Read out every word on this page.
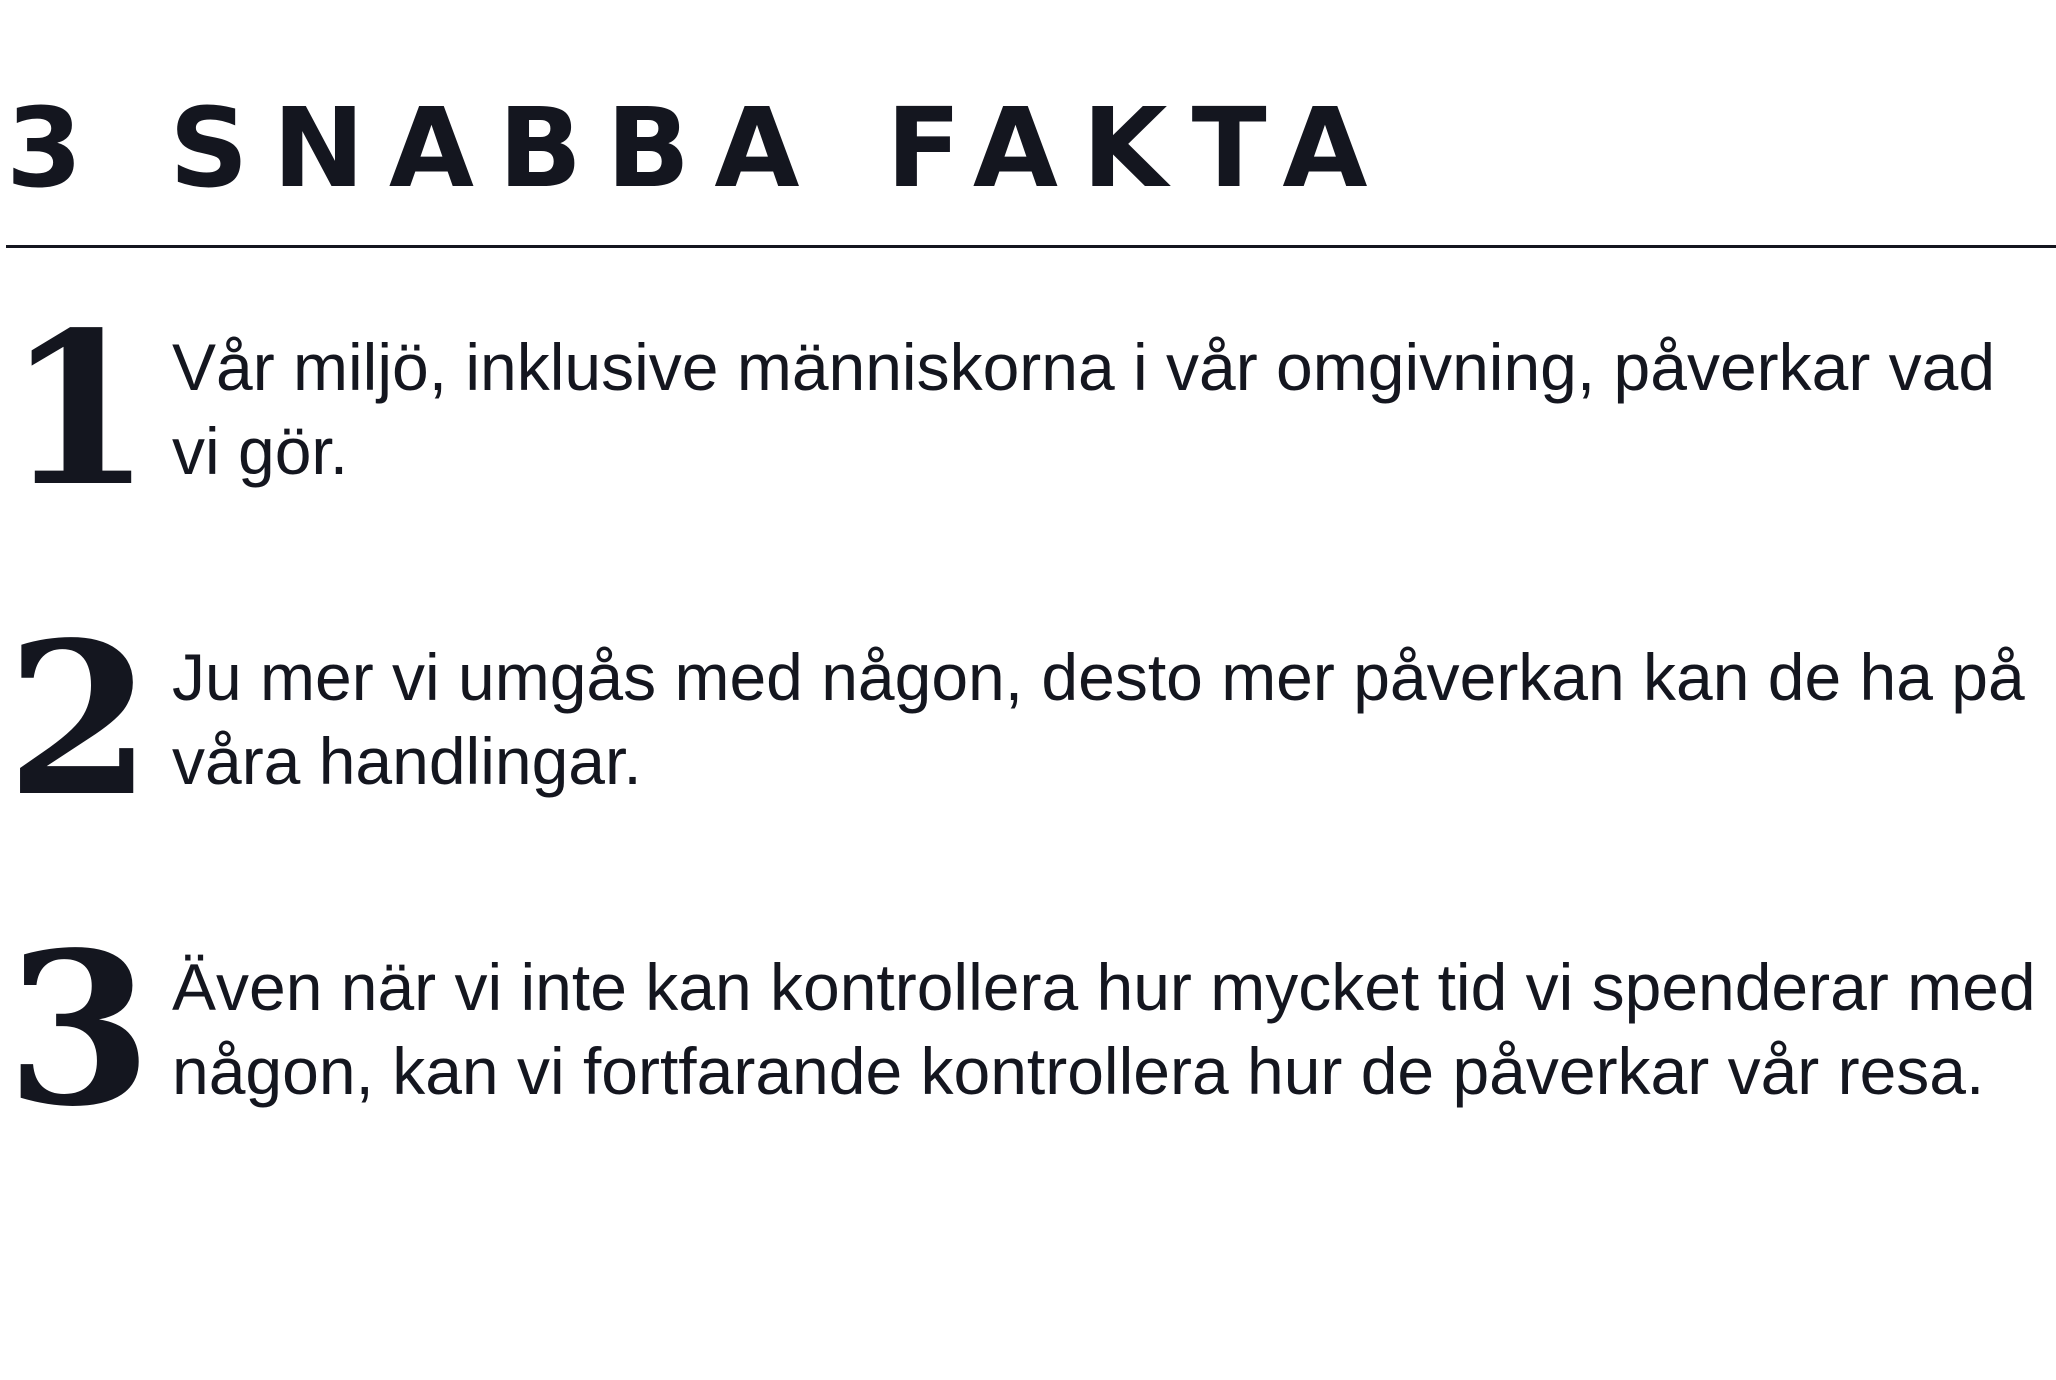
3 SNABBA FAKTA
1 Vår miljö, inklusive människorna i vår omgivning, påverkar vad vi gör.
2 Ju mer vi umgås med någon, desto mer påverkan kan de ha på våra handlingar.
3 Även när vi inte kan kontrollera hur mycket tid vi spenderar med någon, kan vi fortfarande kontrollera hur de påverkar vår resa.
